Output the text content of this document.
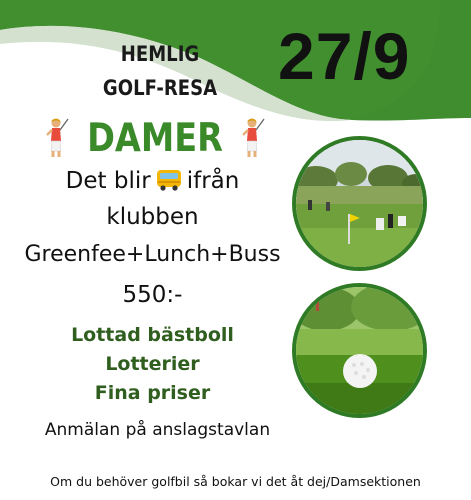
27/9
HEMLIG
GOLF-RESA
DAMER
Det blir ifrån
klubben
Greenfee+Lunch+Buss
550:-
Lottad bästboll
Lotterier
Fina priser
Anmälan på anslagstavlan
Om du behöver golfbil så bokar vi det åt dej/Damsektionen
